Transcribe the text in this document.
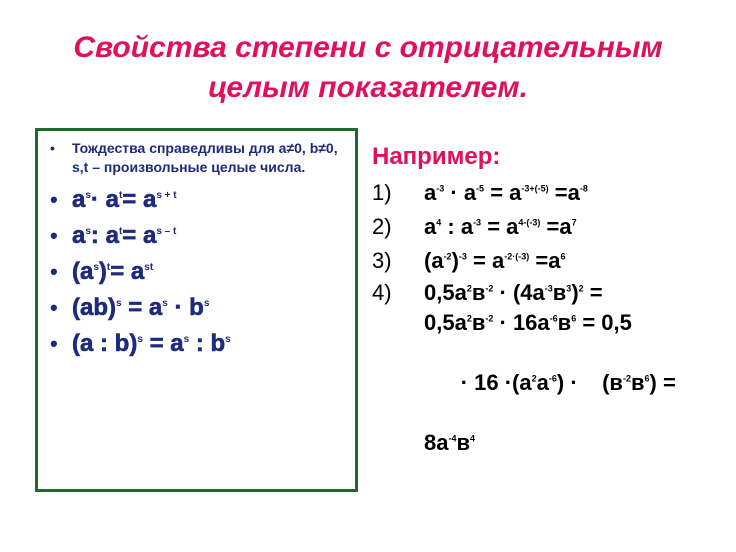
Свойства степени с отрицательным
целым показателем.
• Тождества справедливы для а≠0, b≠0, s,t – произвольные целые числа.
• $a^s\cdot a^t= a^{s + t}$
• $a^s$: $a^t= a^{s - t}$
• $(a^s)^t= a^{st}$
• $(ab)^s = a^s \cdot b^s$
• (a : $b)^s = a^s$ : $b^s$
Например:
1) $a^{-3} \cdot a^{-5} = a^{-3+(-5)} =a^{-8}$
2) $a^4$ : $a^{-3} = a^{4-(-3)} =a^7$
3) $(a^{-2})^{-3} = a^{-2\cdot(-3)} =a^6$
4) $0,5a^2в^{-2} \cdot (4a^{-3}в^3)^2$ =
$0,5a^2в^{-2} \cdot 16a^{-6}в^6 = 0,5$

· $16 \cdot(a^2a^{-6})$ ·    $(в^{-2}в^6)$ =

$8a^{-4}в^4$
